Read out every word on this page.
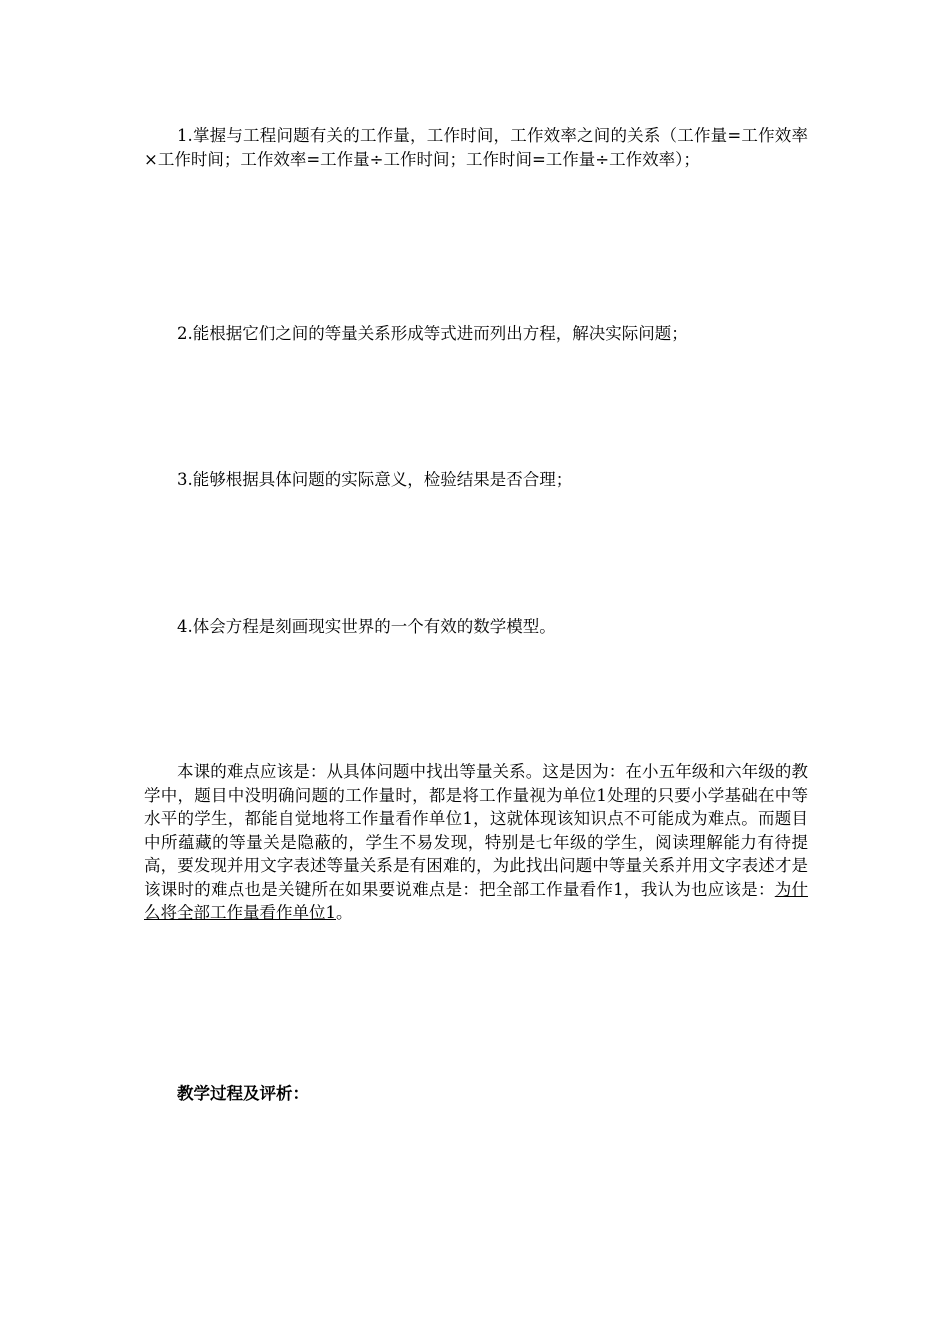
1.掌握与工程问题有关的工作量，工作时间，工作效率之间的关系（工作量=工作效率×工作时间；工作效率=工作量÷工作时间；工作时间=工作量÷工作效率）；

2.能根据它们之间的等量关系形成等式进而列出方程，解决实际问题；

3.能够根据具体问题的实际意义，检验结果是否合理；

4.体会方程是刻画现实世界的一个有效的数学模型。

本课的难点应该是：从具体问题中找出等量关系。这是因为：在小五年级和六年级的教学中，题目中没明确问题的工作量时，都是将工作量视为单位1处理的只要小学基础在中等水平的学生，都能自觉地将工作量看作单位1，这就体现该知识点不可能成为难点。而题目中所蕴藏的等量关是隐蔽的，学生不易发现，特别是七年级的学生，阅读理解能力有待提高，要发现并用文字表述等量关系是有困难的，为此找出问题中等量关系并用文字表述才是该课时的难点也是关键所在如果要说难点是：把全部工作量看作1，我认为也应该是：为什么将全部工作量看作单位1。

教学过程及评析：
